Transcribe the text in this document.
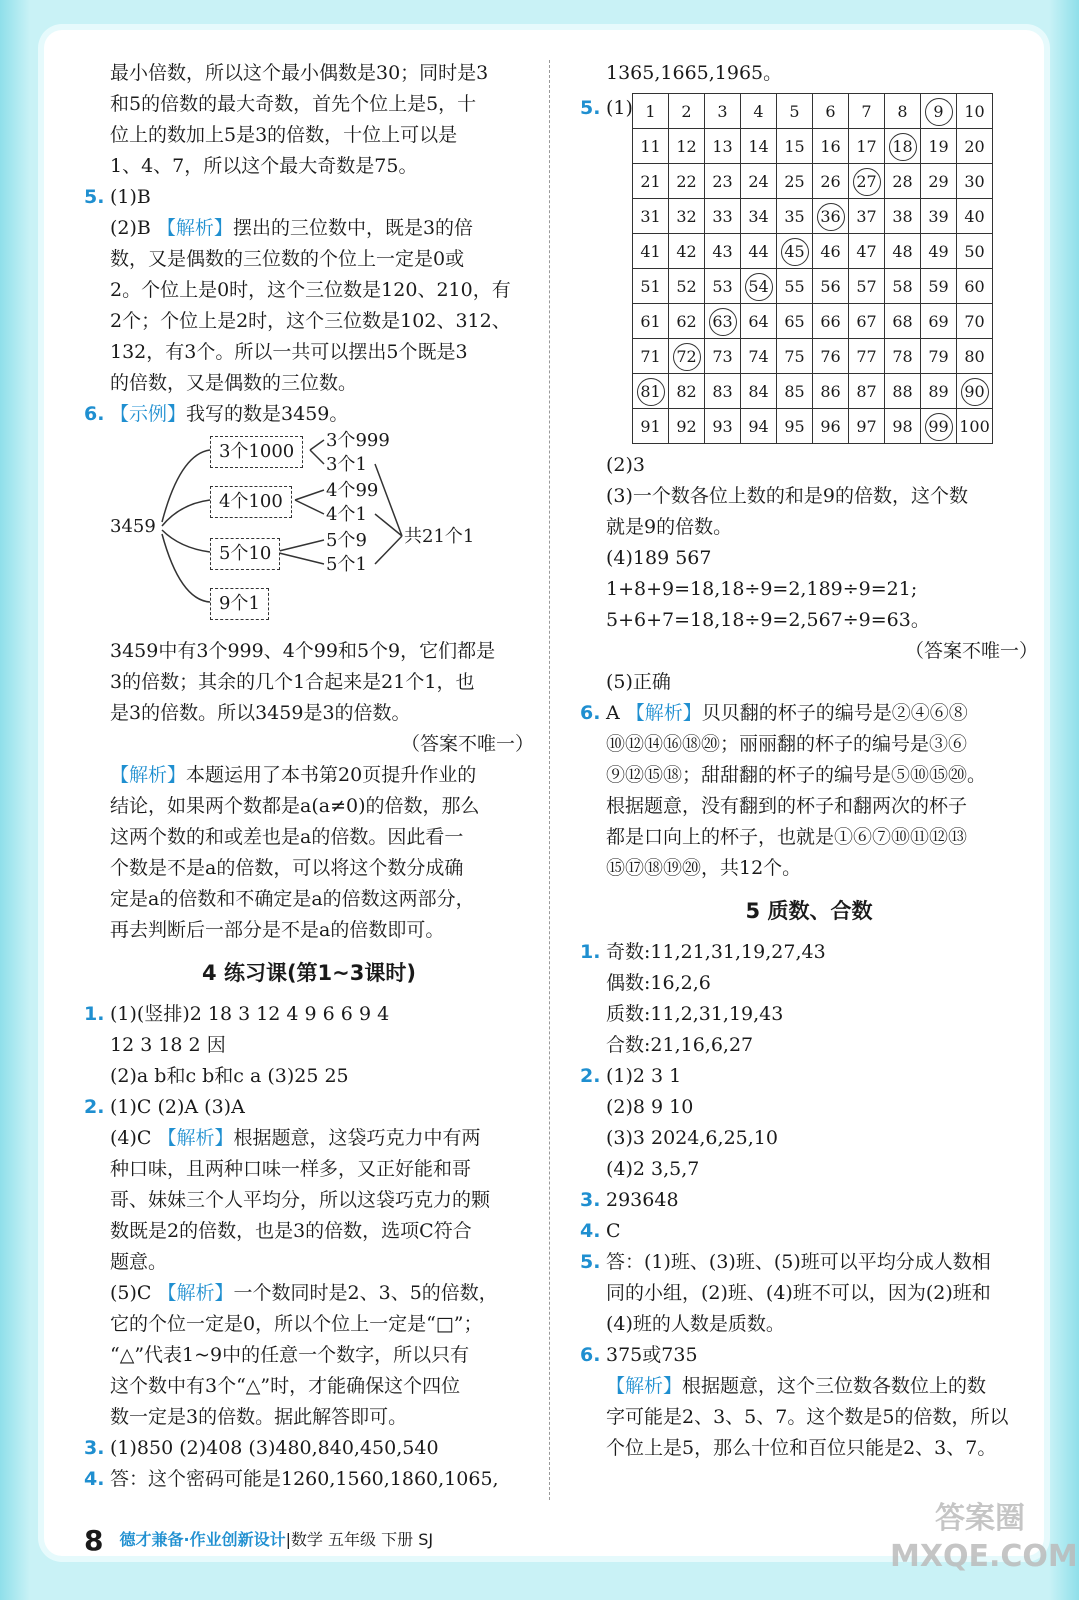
最小倍数，所以这个最小偶数是30；同时是3

和5的倍数的最大奇数，首先个位上是5，十

位上的数加上5是3的倍数，十位上可以是

1、4、7，所以这个最大奇数是75。

5. (1)B

(2)B 【解析】摆出的三位数中，既是3的倍

数，又是偶数的三位数的个位上一定是0或

2。个位上是0时，这个三位数是120、210，有

2个；个位上是2时，这个三位数是102、312、

132，有3个。所以一共可以摆出5个既是3

的倍数，又是偶数的三位数。

6. 【示例】我写的数是3459。

3459
3个1000
4个100
5个10
9个1
3个999
3个1
4个99
4个1
5个9
5个1
共21个1

3459中有3个999、4个99和5个9，它们都是

3的倍数；其余的几个1合起来是21个1，也

是3的倍数。所以3459是3的倍数。

（答案不唯一）

【解析】本题运用了本书第20页提升作业的

结论，如果两个数都是a(a≠0)的倍数，那么

这两个数的和或差也是a的倍数。因此看一

个数是不是a的倍数，可以将这个数分成确

定是a的倍数和不确定是a的倍数这两部分，

再去判断后一部分是不是a的倍数即可。

4 练习课(第1~3课时)

1. (1)(竖排)2 18 3 12 4 9 6 6 9 4

12 3 18 2 因

(2)a b和c b和c a (3)25 25

2. (1)C (2)A (3)A

(4)C 【解析】根据题意，这袋巧克力中有两

种口味，且两种口味一样多，又正好能和哥

哥、妹妹三个人平均分，所以这袋巧克力的颗

数既是2的倍数，也是3的倍数，选项C符合

题意。

(5)C 【解析】一个数同时是2、3、5的倍数，

它的个位一定是0，所以个位上一定是“□”；

“△”代表1~9中的任意一个数字，所以只有

这个数中有3个“△”时，才能确保这个四位

数一定是3的倍数。据此解答即可。

3. (1)850 (2)408 (3)480,840,450,540

4. 答：这个密码可能是1260,1560,1860,1065,

1365,1665,1965。

5. (1) 1	2	3	4	5	6	7	8	9	10
11	12	13	14	15	16	17	18	19	20
21	22	23	24	25	26	27	28	29	30
31	32	33	34	35	36	37	38	39	40
41	42	43	44	45	46	47	48	49	50
51	52	53	54	55	56	57	58	59	60
61	62	63	64	65	66	67	68	69	70
71	72	73	74	75	76	77	78	79	80
81	82	83	84	85	86	87	88	89	90
91	92	93	94	95	96	97	98	99	100

(2)3

(3)一个数各位上数的和是9的倍数，这个数

就是9的倍数。

(4)189 567

1+8+9=18,18÷9=2,189÷9=21;

5+6+7=18,18÷9=2,567÷9=63。

（答案不唯一）

(5)正确

6. A 【解析】贝贝翻的杯子的编号是②④⑥⑧

⑩⑫⑭⑯⑱⑳；丽丽翻的杯子的编号是③⑥

⑨⑫⑮⑱；甜甜翻的杯子的编号是⑤⑩⑮⑳。

根据题意，没有翻到的杯子和翻两次的杯子

都是口向上的杯子，也就是①⑥⑦⑩⑪⑫⑬

⑮⑰⑱⑲⑳，共12个。

5 质数、合数

1. 奇数:11,21,31,19,27,43

偶数:16,2,6

质数:11,2,31,19,43

合数:21,16,6,27

2. (1)2 3 1

(2)8 9 10

(3)3 2024,6,25,10

(4)2 3,5,7

3. 293648

4. C

5. 答：(1)班、(3)班、(5)班可以平均分成人数相

同的小组，(2)班、(4)班不可以，因为(2)班和

(4)班的人数是质数。

6. 375或735

【解析】根据题意，这个三位数各数位上的数

字可能是2、3、5、7。这个数是5的倍数，所以

个位上是5，那么十位和百位只能是2、3、7。

8 德才兼备·作业创新设计|数学 五年级 下册 SJ
答案圈
MXQE.COM
